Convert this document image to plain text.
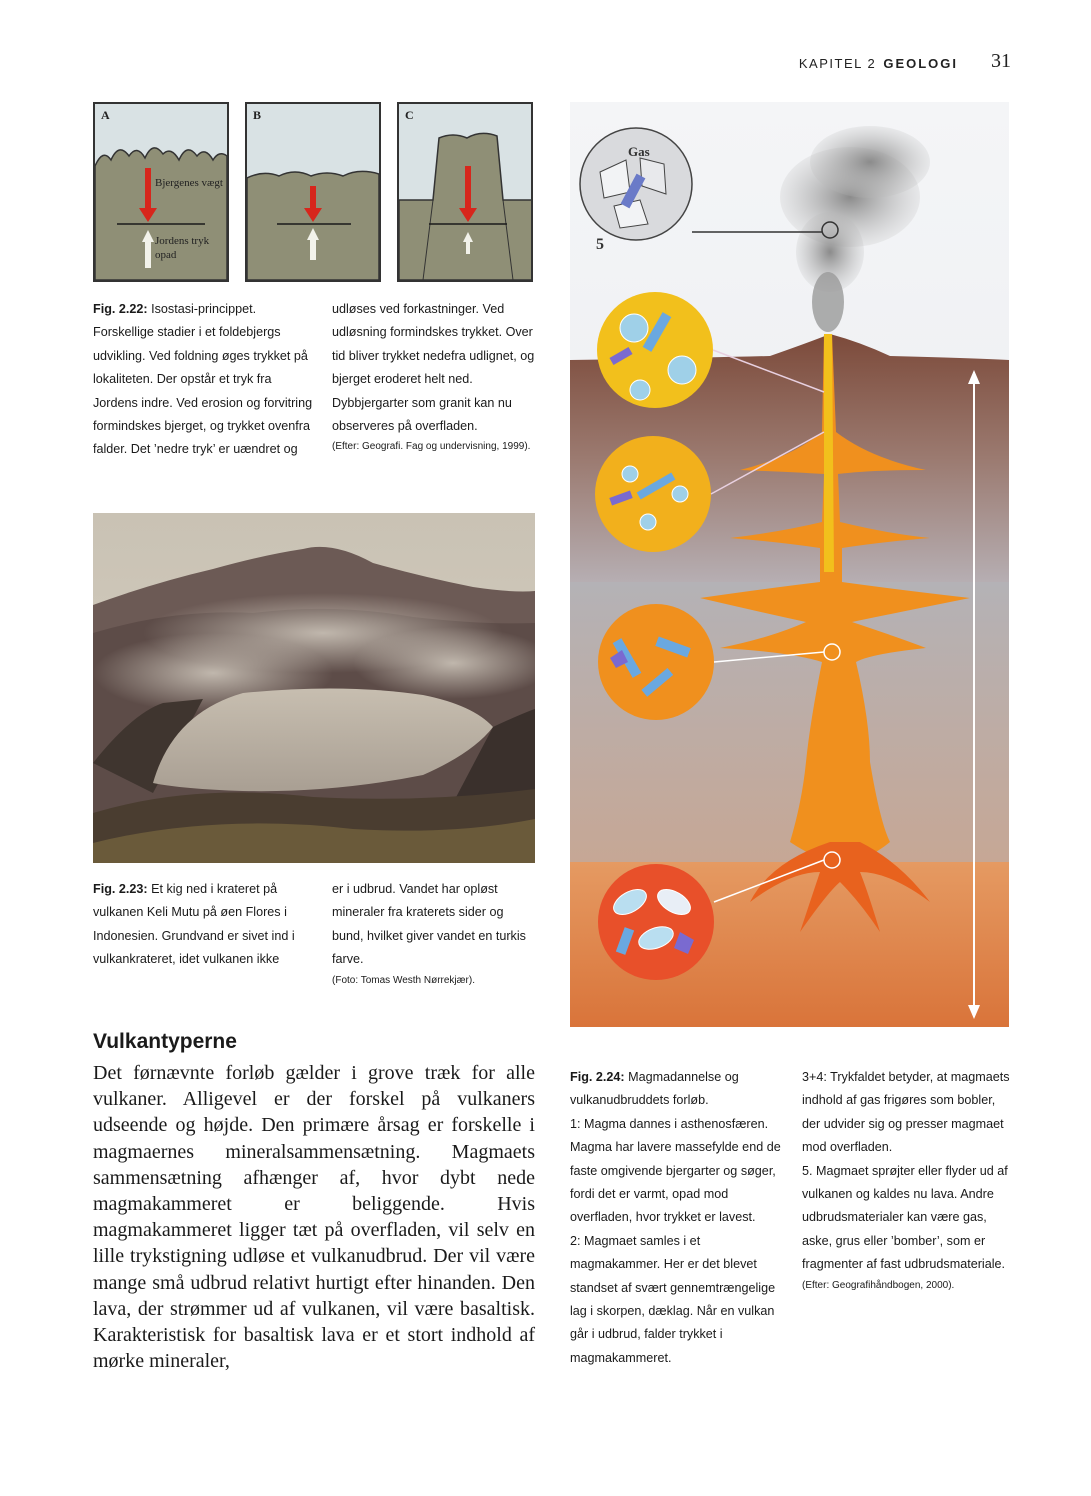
KAPITEL 2 GEOLOGI 31
A
Bjergenes vægt
Jordens tryk opad
B	C
Fig. 2.22: Isostasi-princippet. Forskellige stadier i et foldebjergs udvikling. Ved foldning øges trykket på lokaliteten. Der opstår et tryk fra Jordens indre. Ved erosion og forvitring formindskes bjerget, og trykket ovenfra falder. Det ’nedre tryk’ er uændret og
udløses ved forkastninger. Ved udløsning formindskes trykket. Over tid bliver trykket nedefra udlignet, og bjerget eroderet helt ned. Dybbjergarter som granit kan nu observeres på overfladen.
(Efter: Geografi. Fag og undervisning, 1999).
Fig. 2.23: Et kig ned i krateret på vulkanen Keli Mutu på øen Flores i Indonesien. Grundvand er sivet ind i vulkankrateret, idet vulkanen ikke
er i udbrud. Vandet har opløst mineraler fra kraterets sider og bund, hvilket giver vandet en turkis farve.
(Foto: Tomas Westh Nørrekjær).
Gas
5
Fig. 2.24: Magmadannelse og vulkanudbruddets forløb.
1: Magma dannes i asthenosfæren. Magma har lavere massefylde end de faste omgivende bjergarter og søger, fordi det er varmt, opad mod overfladen, hvor trykket er lavest.
2: Magmaet samles i et magmakammer. Her er det blevet standset af svært gennemtrængelige lag i skorpen, dæklag. Når en vulkan går i udbrud, falder trykket i magmakammeret.
3+4: Trykfaldet betyder, at magmaets indhold af gas frigøres som bobler, der udvider sig og presser magmaet mod overfladen.
5. Magmaet sprøjter eller flyder ud af vulkanen og kaldes nu lava. Andre udbrudsmaterialer kan være gas, aske, grus eller ’bomber’, som er fragmenter af fast udbrudsmateriale.
(Efter: Geografihåndbogen, 2000).
Vulkantyperne

Det førnævnte forløb gælder i grove træk for alle vulkaner. Alligevel er der forskel på vulkaners udseende og højde. Den primære årsag er forskelle i magmaernes mineralsammensætning. Magmaets sammensætning afhænger af, hvor dybt nede magmakammeret er beliggende. Hvis magmakammeret ligger tæt på overfladen, vil selv en lille trykstigning udløse et vulkanudbrud. Der vil være mange små udbrud relativt hurtigt efter hinanden. Den lava, der strømmer ud af vulkanen, vil være basaltisk. Karakteristisk for basaltisk lava er et stort indhold af mørke mineraler,
